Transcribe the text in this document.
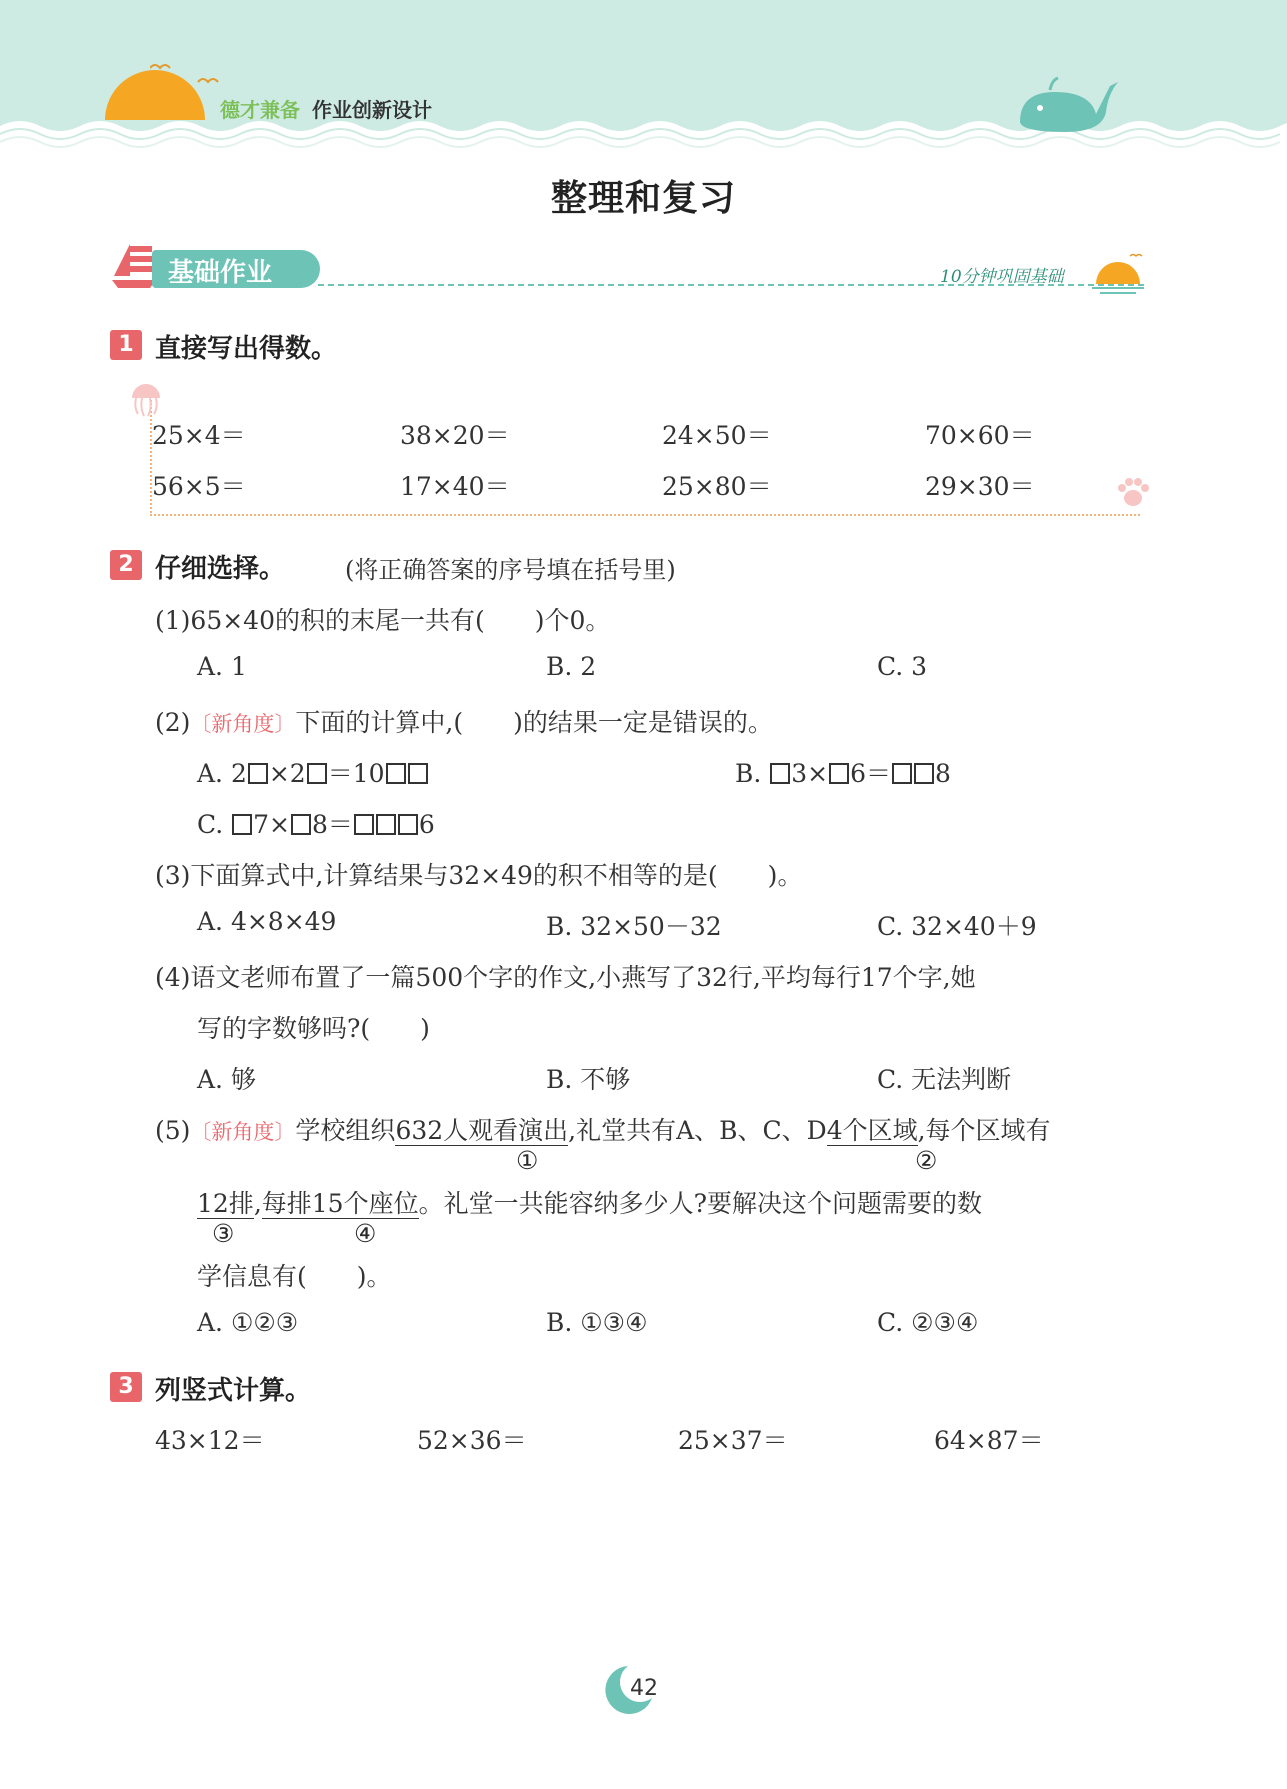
德才兼备 作业创新设计
整理和复习
基础作业	10分钟巩固基础
1 直接写出得数。
25×4＝	38×20＝	24×50＝	70×60＝
56×5＝	17×40＝	25×80＝	29×30＝
2 仔细选择。 (将正确答案的序号填在括号里)
(1)65×40的积的末尾一共有(　　)个0。
A. 1	B. 2	C. 3
(2)〔新角度〕下面的计算中,(　　)的结果一定是错误的。
A. 2 ×2 ＝10	B. 3× 6＝ 8
C. 7× 8＝	6
(3)下面算式中,计算结果与32×49的积不相等的是(　　)。
A. 4×8×49	B. 32×50－32	C. 32×40＋9
(4)语文老师布置了一篇500个字的作文,小燕写了32行,平均每行17个字,她
写的字数够吗?(　　)
A. 够	B. 不够	C. 无法判断
(5)〔新角度〕学校组织632人观看演出,礼堂共有A、B、C、D4个区域,每个区域有
①	②
12排,每排15个座位。礼堂一共能容纳多少人?要解决这个问题需要的数
③	④
学信息有(　　)。
A. ①②③	B. ①③④	C. ②③④
3 列竖式计算。
43×12＝	52×36＝	25×37＝	64×87＝
42
